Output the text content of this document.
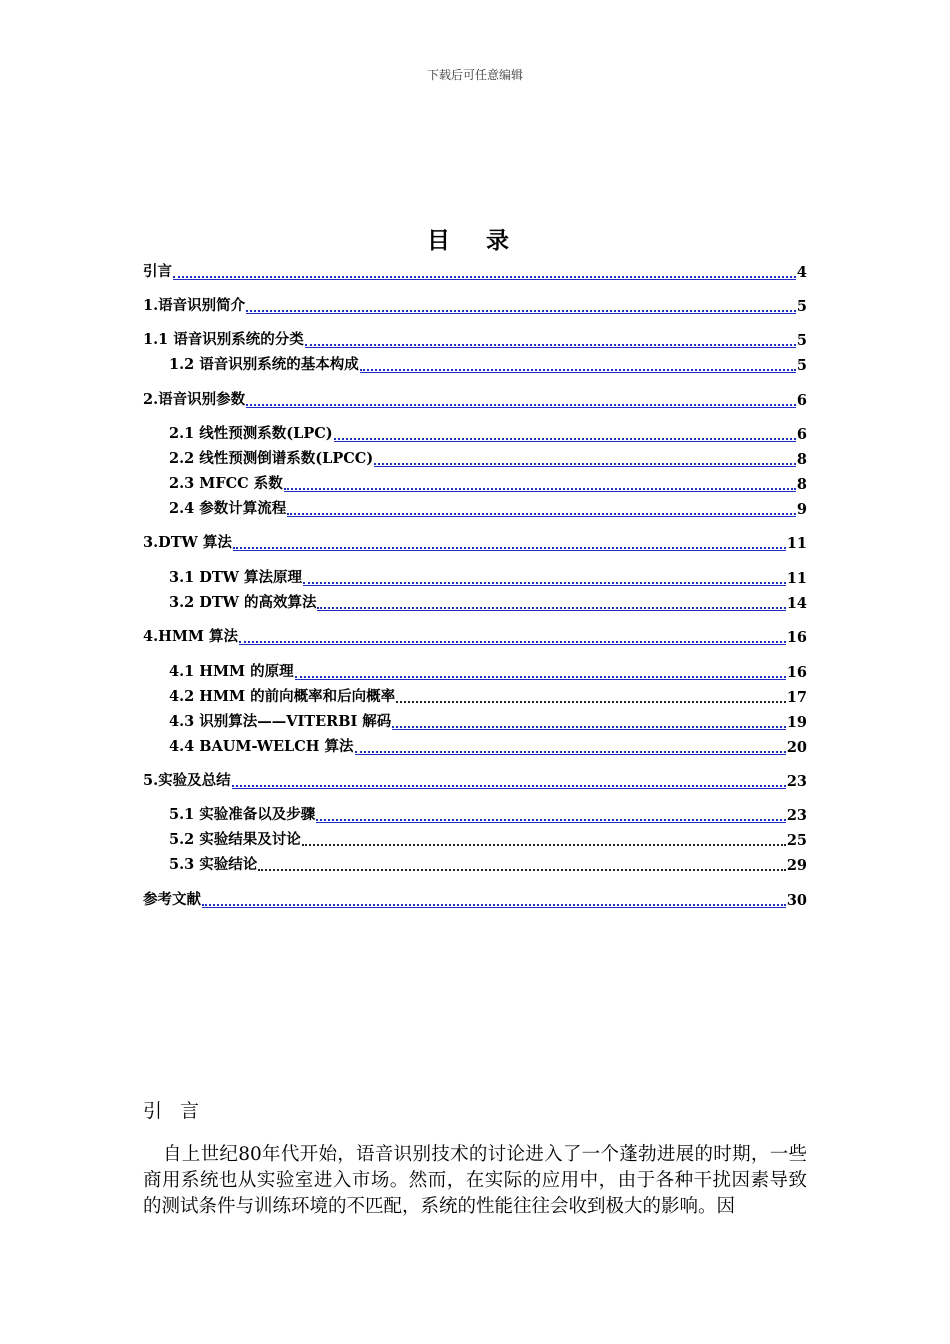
下载后可任意编辑
目 录
引言	4
1.语音识别简介	5
1.1 语音识别系统的分类	5
1.2 语音识别系统的基本构成	5
2.语音识别参数	6
2.1 线性预测系数(LPC)	6
2.2 线性预测倒谱系数(LPCC)	8
2.3 MFCC 系数	8
2.4 参数计算流程	9
3.DTW 算法	11
3.1 DTW 算法原理	11
3.2 DTW 的高效算法	14
4.HMM 算法	16
4.1 HMM 的原理	16
4.2 HMM 的前向概率和后向概率	17
4.3 识别算法——VITERBI 解码	19
4.4 BAUM-WELCH 算法	20
5.实验及总结	23
5.1 实验准备以及步骤	23
5.2 实验结果及讨论	25
5.3 实验结论	29
参考文献	30
引 言
自上世纪80年代开始，语音识别技术的讨论进入了一个蓬勃进展的时期，一些商用系统也从实验室进入市场。然而，在实际的应用中，由于各种干扰因素导致的测试条件与训练环境的不匹配，系统的性能往往会收到极大的影响。因
